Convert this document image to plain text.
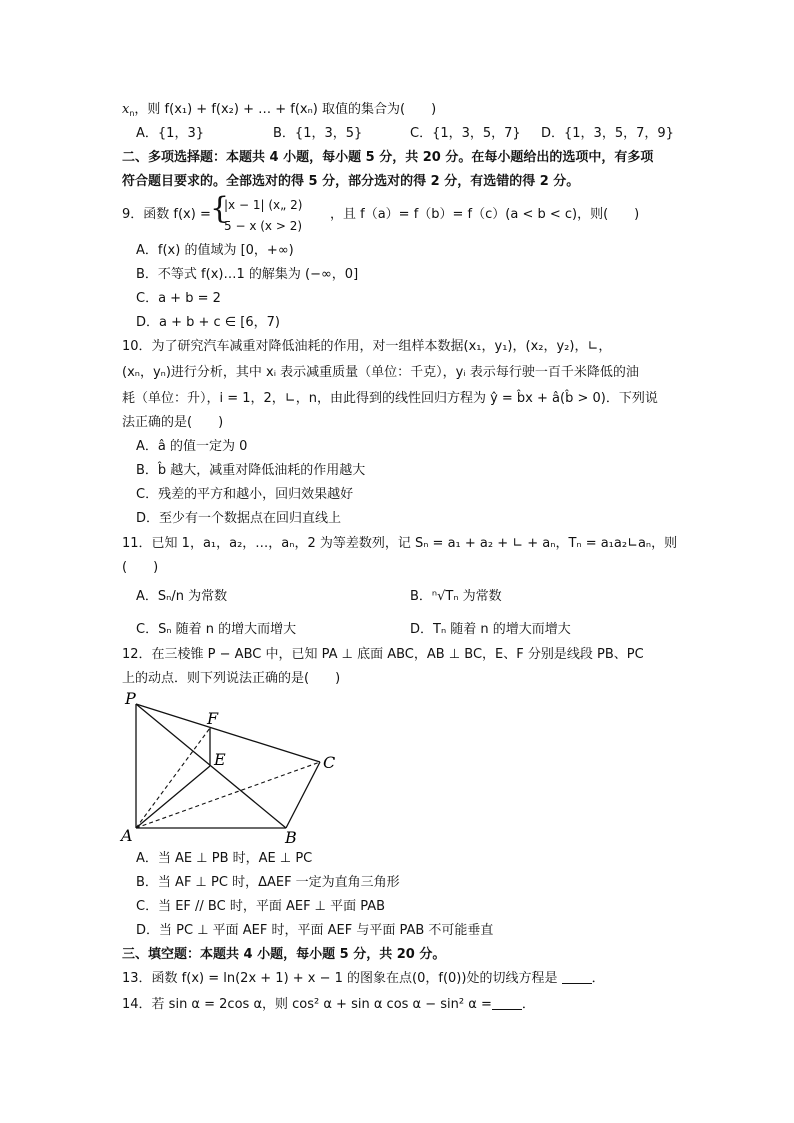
$x_n$，则 f(x₁) + f(x₂) + … + f(xₙ) 取值的集合为(　　)
A．{1，3}	B．{1，3，5}	C．{1，3，5，7} D．{1，3，5，7，9}
二、多项选择题：本题共 4 小题，每小题 5 分，共 20 分。在每小题给出的选项中，有多项
符合题目要求的。全部选对的得 5 分，部分选对的得 2 分，有选错的得 2 分。
9．函数 f(x) = {
|x − 1| (x„ 2)
5 − x (x > 2)
，且 f（a）= f（b）= f（c）(a < b < c)，则(　　)
A．f(x) 的值域为 [0，+∞)
B．不等式 f(x)…1 的解集为 (−∞，0]
C．a + b = 2
D．a + b + c ∈ [6，7)
10．为了研究汽车减重对降低油耗的作用，对一组样本数据(x₁，y₁)，(x₂，y₂)，∟，
(xₙ，yₙ)进行分析，其中 xᵢ 表示减重质量（单位：千克），yᵢ 表示每行驶一百千米降低的油
耗（单位：升），i = 1，2，∟，n，由此得到的线性回归方程为 ŷ = b̂x + â(b̂ > 0)．下列说
法正确的是(　　)
A．â 的值一定为 0
B．b̂ 越大，减重对降低油耗的作用越大
C．残差的平方和越小，回归效果越好
D．至少有一个数据点在回归直线上
11．已知 1，a₁，a₂，…，aₙ，2 为等差数列，记 Sₙ = a₁ + a₂ + ∟ + aₙ，Tₙ = a₁a₂∟aₙ，则
(　　)
A．Sₙ/n 为常数	B．ⁿ√Tₙ 为常数
C．Sₙ 随着 n 的增大而增大	D．Tₙ 随着 n 的增大而增大
12．在三棱锥 P − ABC 中，已知 PA ⊥ 底面 ABC，AB ⊥ BC，E、F 分别是线段 PB、PC
上的动点．则下列说法正确的是(　　)
P
F
E	C
A	B
A．当 AE ⊥ PB 时，AE ⊥ PC
B．当 AF ⊥ PC 时，ΔAEF 一定为直角三角形
C．当 EF // BC 时，平面 AEF ⊥ 平面 PAB
D．当 PC ⊥ 平面 AEF 时，平面 AEF 与平面 PAB 不可能垂直
三、填空题：本题共 4 小题，每小题 5 分，共 20 分。
13．函数 f(x) = ln(2x + 1) + x − 1 的图象在点(0，f(0))处的切线方程是	．
14．若 sin α = 2cos α，则 cos² α + sin α cos α − sin² α = ．
